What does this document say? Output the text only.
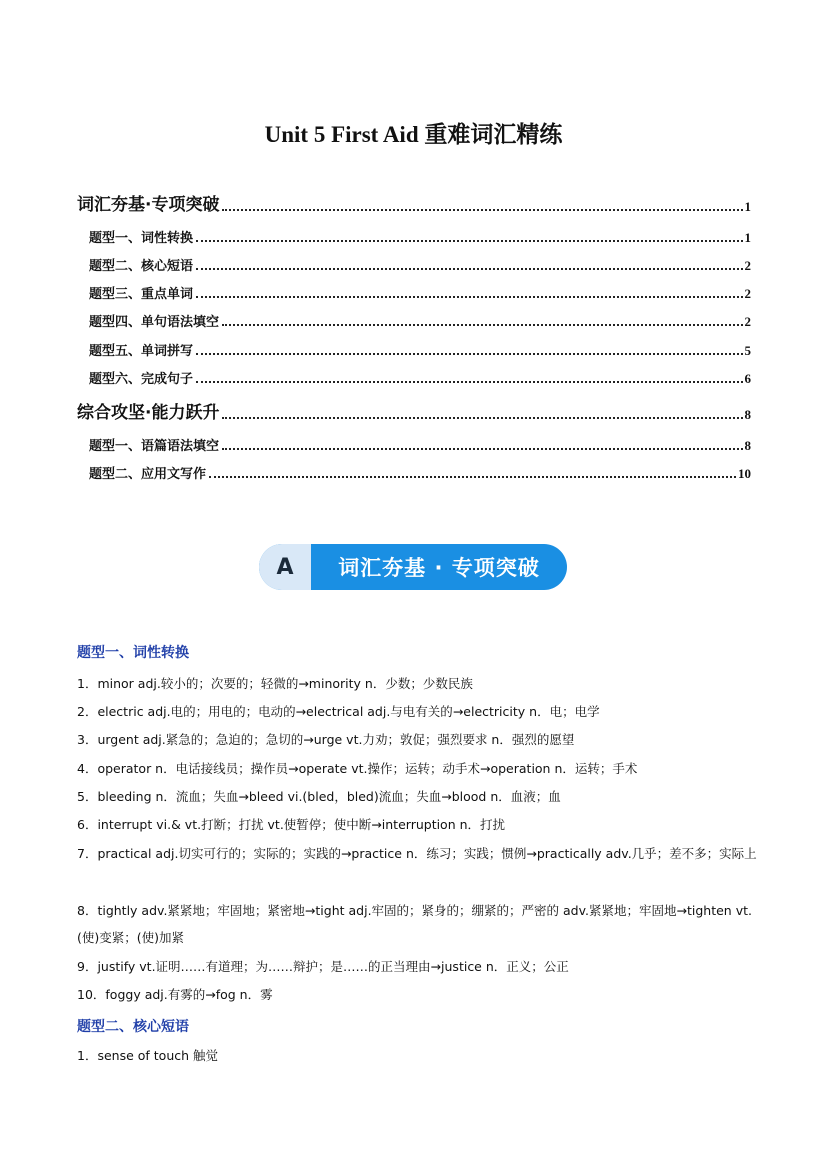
Unit 5 First Aid 重难词汇精练
词汇夯基·专项突破	1
题型一、词性转换	1
题型二、核心短语	2
题型三、重点单词	2
题型四、单句语法填空	2
题型五、单词拼写	5
题型六、完成句子	6
综合攻坚·能力跃升	8
题型一、语篇语法填空	8
题型二、应用文写作	10
A	词汇夯基 · 专项突破
题型一、词性转换
1．minor adj.较小的；次要的；轻微的→minority n．少数；少数民族
2．electric adj.电的；用电的；电动的→electrical adj.与电有关的→electricity n．电；电学
3．urgent adj.紧急的；急迫的；急切的→urge vt.力劝；敦促；强烈要求 n．强烈的愿望
4．operator n．电话接线员；操作员→operate vt.操作；运转；动手术→operation n．运转；手术
5．bleeding n．流血；失血→bleed vi.(bled，bled)流血；失血→blood n．血液；血
6．interrupt vi.& vt.打断；打扰 vt.使暂停；使中断→interruption n．打扰
7．practical adj.切实可行的；实际的；实践的→practice n．练习；实践；惯例→practically adv.几乎；差不多；实际上
8．tightly adv.紧紧地；牢固地；紧密地→tight adj.牢固的；紧身的；绷紧的；严密的 adv.紧紧地；牢固地→tighten vt.(使)变紧；(使)加紧
9．justify vt.证明……有道理；为……辩护；是……的正当理由→justice n．正义；公正
10．foggy adj.有雾的→fog n．雾
题型二、核心短语
1．sense of touch 触觉
